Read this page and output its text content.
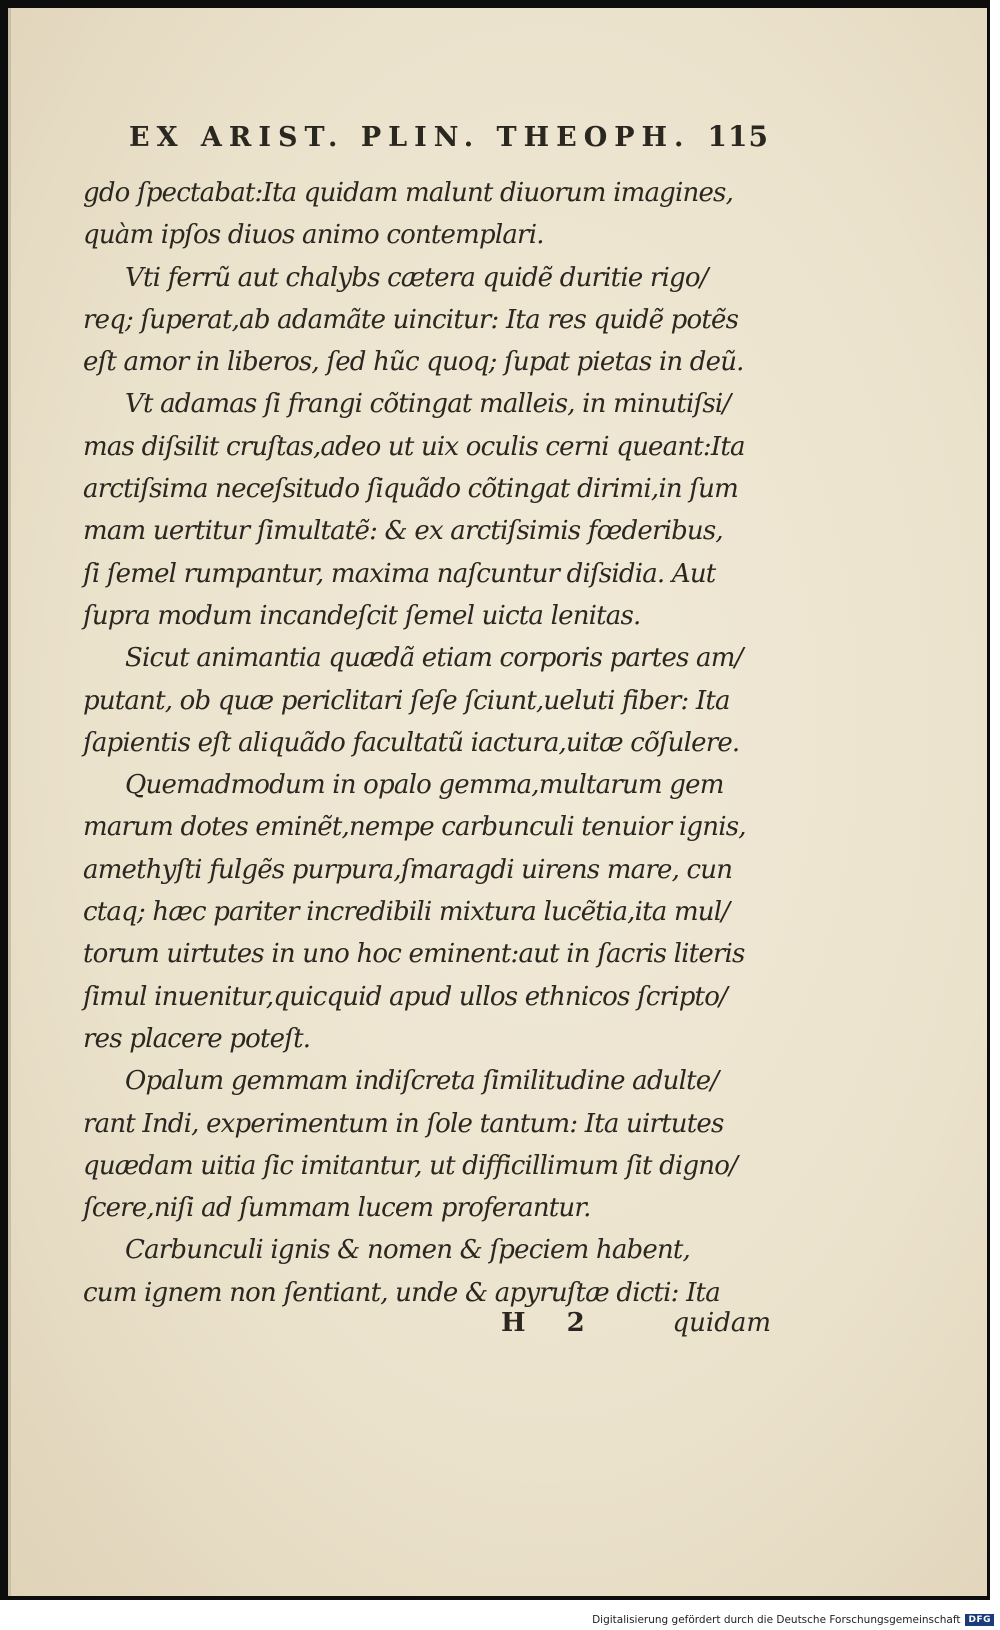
EX ARIST. PLIN. THEOPH. 115
gdo ſpectabat:Ita quidam malunt diuorum imagines,
quàm ipſos diuos animo contemplari.
Vti ferrũ aut chalybs cætera quidẽ duritie rigo/
req; ſuperat,ab adamãte uincitur: Ita res quidẽ potẽs
eſt amor in liberos, ſed hũc quoq; ſupat pietas in deũ.
Vt adamas ſi frangi cõtingat malleis, in minutiſsi/
mas diſsilit cruſtas,adeo ut uix oculis cerni queant:Ita
arctiſsima neceſsitudo ſiquãdo cõtingat dirimi,in ſum
mam uertitur ſimultatẽ: & ex arctiſsimis fœderibus,
ſi ſemel rumpantur, maxima naſcuntur diſsidia. Aut
ſupra modum incandeſcit ſemel uicta lenitas.
Sicut animantia quædã etiam corporis partes am/
putant, ob quæ periclitari ſeſe ſciunt,ueluti fiber: Ita
ſapientis eſt aliquãdo facultatũ iactura,uitæ cõſulere.
Quemadmodum in opalo gemma,multarum gem
marum dotes eminẽt,nempe carbunculi tenuior ignis,
amethyſti fulgẽs purpura,ſmaragdi uirens mare, cun
ctaq; hæc pariter incredibili mixtura lucẽtia,ita mul/
torum uirtutes in uno hoc eminent:aut in ſacris literis
ſimul inuenitur,quicquid apud ullos ethnicos ſcripto/
res placere poteſt.
Opalum gemmam indiſcreta ſimilitudine adulte/
rant Indi, experimentum in ſole tantum: Ita uirtutes
quædam uitia ſic imitantur, ut difficillimum ſit digno/
ſcere,niſi ad ſummam lucem proferantur.
Carbunculi ignis & nomen & ſpeciem habent,
cum ignem non ſentiant, unde & apyruſtæ dicti: Ita
H 2	quidam
Digitalisierung gefördert durch die Deutsche Forschungsgemeinschaft DFG
